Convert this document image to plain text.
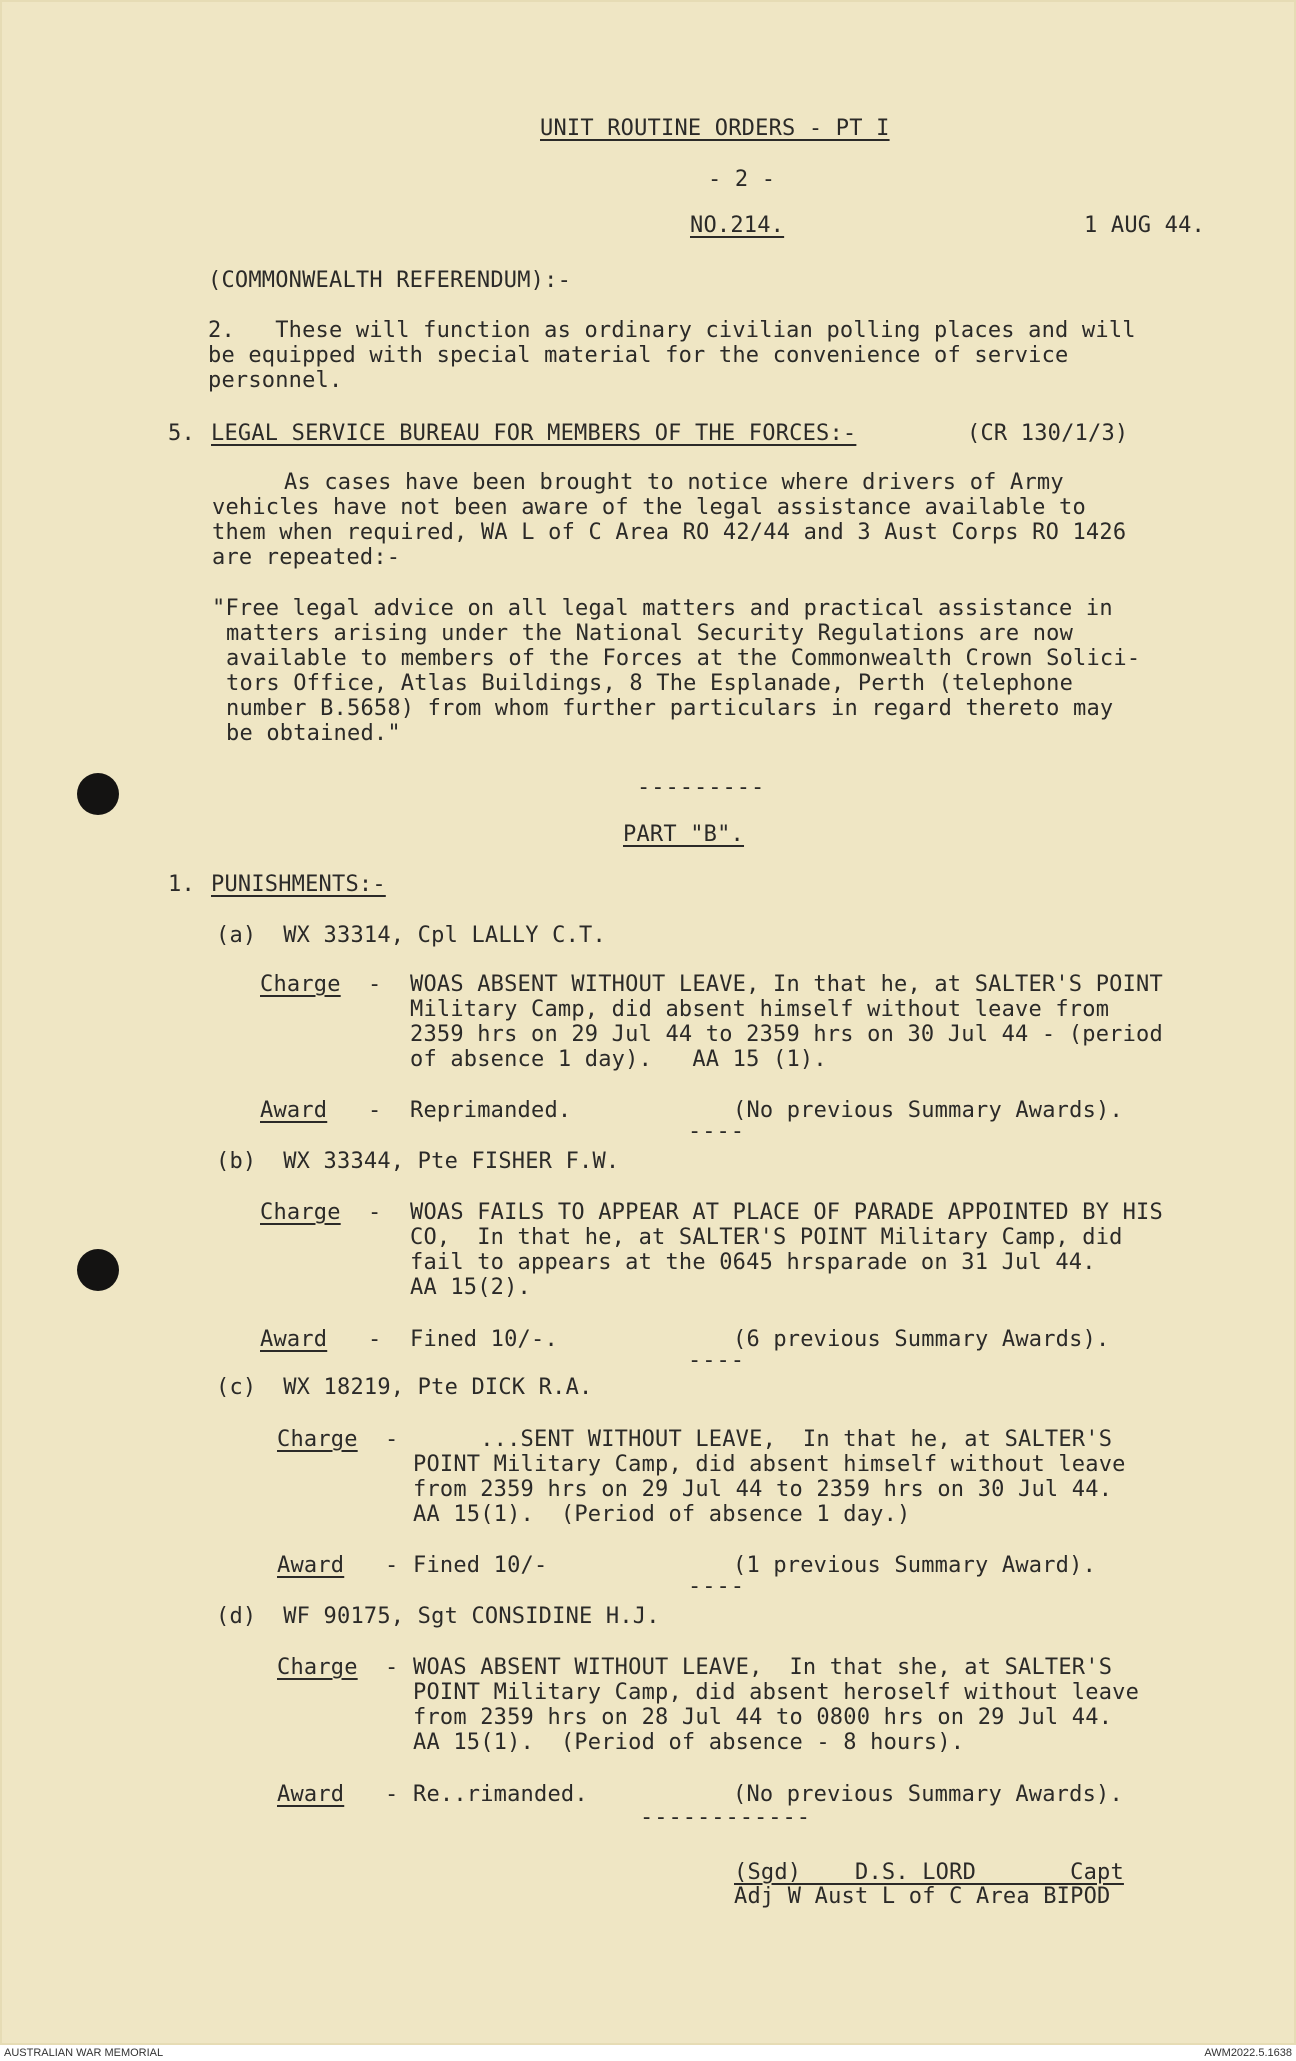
UNIT ROUTINE ORDERS - PT I
- 2 -
NO.214.	1 AUG 44.
(COMMONWEALTH REFERENDUM):-
2.   These will function as ordinary civilian polling places and will
be equipped with special material for the convenience of service
personnel.
5. LEGAL SERVICE BUREAU FOR MEMBERS OF THE FORCES:-	(CR 130/1/3)
As cases have been brought to notice where drivers of Army
vehicles have not been aware of the legal assistance available to
them when required, WA L of C Area RO 42/44 and 3 Aust Corps RO 1426
are repeated:-
"Free legal advice on all legal matters and practical assistance in
matters arising under the National Security Regulations are now
available to members of the Forces at the Commonwealth Crown Solici-
tors Office, Atlas Buildings, 8 The Esplanade, Perth (telephone
number B.5658) from whom further particulars in regard thereto may
be obtained."
---------
PART "B".
1. PUNISHMENTS:-
(a)  WX 33314, Cpl LALLY C.T.
Charge - WOAS ABSENT WITHOUT LEAVE, In that he, at SALTER'S POINT
Military Camp, did absent himself without leave from
2359 hrs on 29 Jul 44 to 2359 hrs on 30 Jul 44 - (period
of absence 1 day).   AA 15 (1).
Award - Reprimanded.	(No previous Summary Awards).
----
(b)  WX 33344, Pte FISHER F.W.
Charge - WOAS FAILS TO APPEAR AT PLACE OF PARADE APPOINTED BY HIS
CO,  In that he, at SALTER'S POINT Military Camp, did
fail to appears at the 0645 hrsparade on 31 Jul 44.
AA 15(2).
Award - Fined 10/-.	(6 previous Summary Awards).
----
(c)  WX 18219, Pte DICK R.A.
Charge - ...SENT WITHOUT LEAVE,  In that he, at SALTER'S
POINT Military Camp, did absent himself without leave
from 2359 hrs on 29 Jul 44 to 2359 hrs on 30 Jul 44.
AA 15(1).  (Period of absence 1 day.)
Award - Fined 10/-	(1 previous Summary Award).
----
(d)  WF 90175, Sgt CONSIDINE H.J.
Charge - WOAS ABSENT WITHOUT LEAVE,  In that she, at SALTER'S
POINT Military Camp, did absent heroself without leave
from 2359 hrs on 28 Jul 44 to 0800 hrs on 29 Jul 44.
AA 15(1).  (Period of absence - 8 hours).
Award - Re..rimanded.	(No previous Summary Awards).
------------
(Sgd)    D.S. LORD       Capt
Adj W Aust L of C Area BIPOD
AUSTRALIAN WAR MEMORIAL	AWM2022.5.1638
